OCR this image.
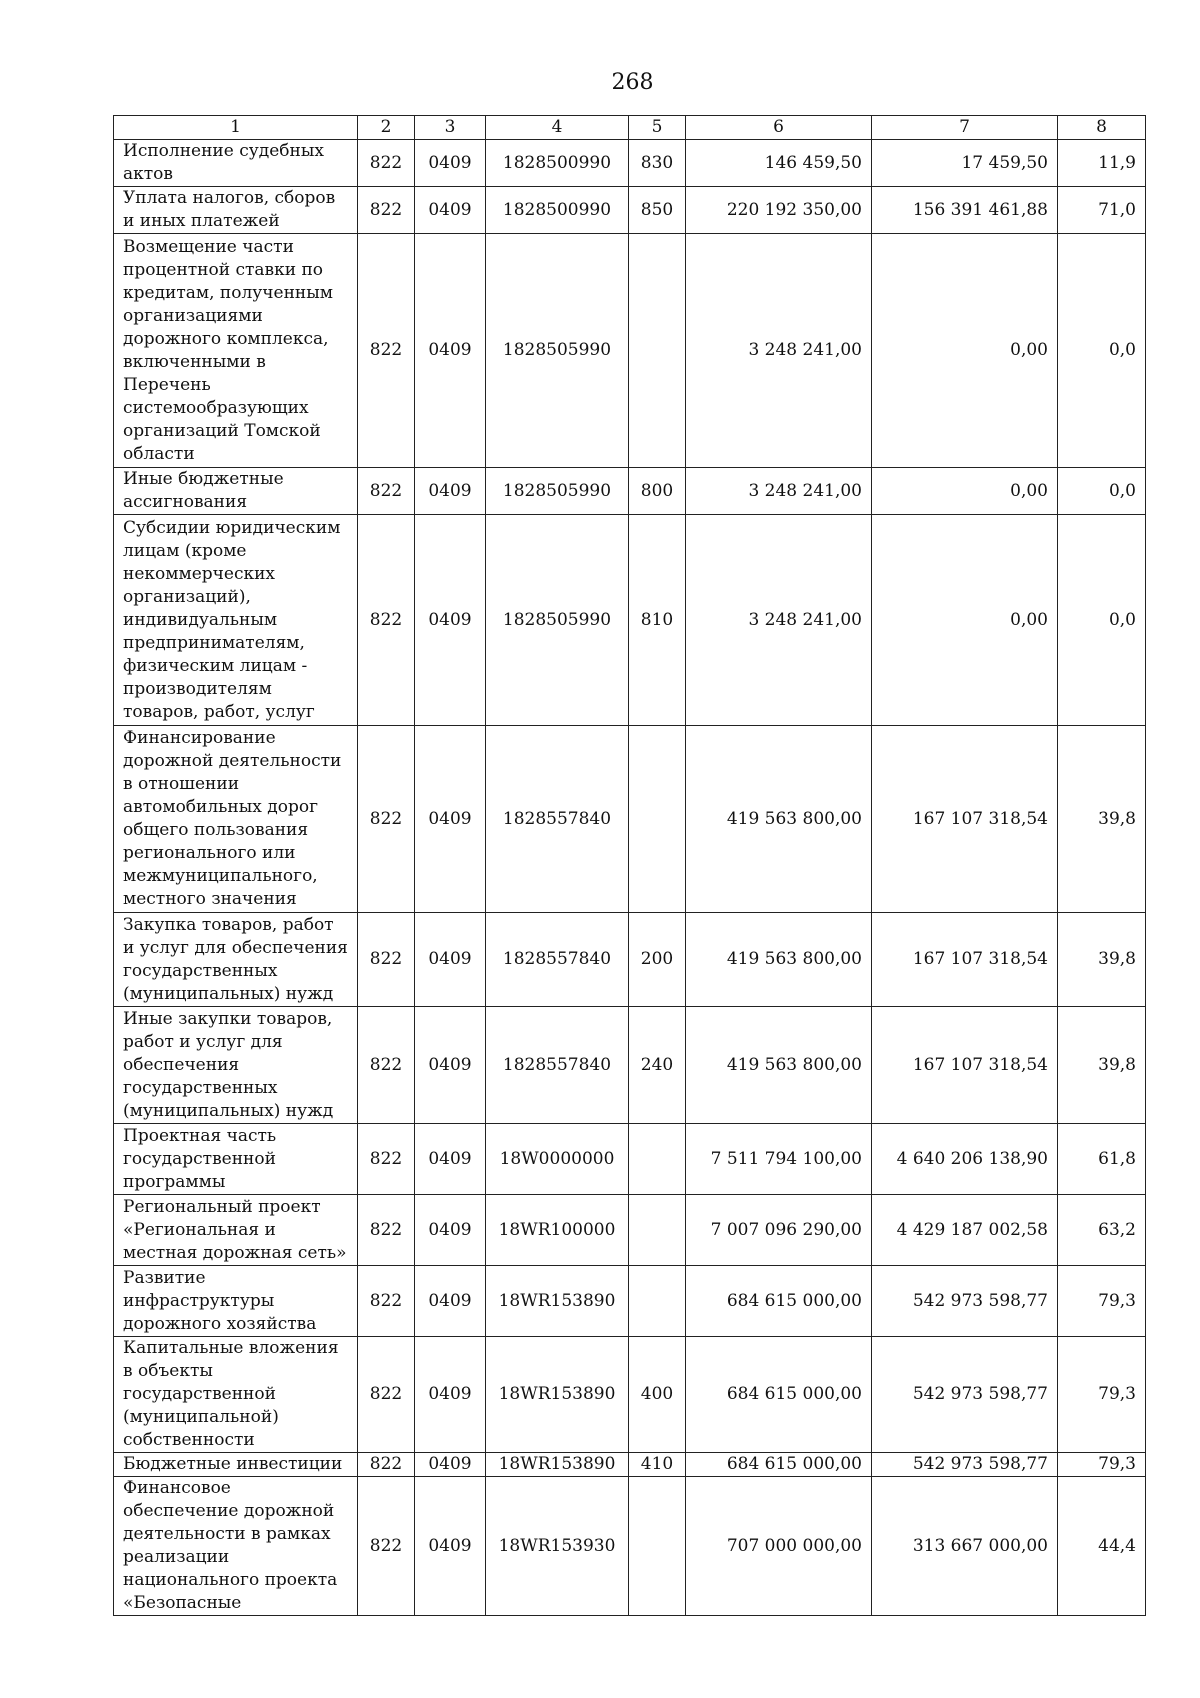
268
1	2	3	4	5	6	7	8
Исполнение судебных актов	822	0409	1828500990	830	146 459,50	17 459,50	11,9
Уплата налогов, сборов и иных платежей	822	0409	1828500990	850	220 192 350,00	156 391 461,88	71,0
Возмещение части процентной ставки по кредитам, полученным организациями дорожного комплекса, включенными в Перечень системообразующих организаций Томской области	822	0409	1828505990		3 248 241,00	0,00	0,0
Иные бюджетные ассигнования	822	0409	1828505990	800	3 248 241,00	0,00	0,0
Субсидии юридическим лицам (кроме некоммерческих организаций), индивидуальным предпринимателям, физическим лицам - производителям товаров, работ, услуг	822	0409	1828505990	810	3 248 241,00	0,00	0,0
Финансирование дорожной деятельности в отношении автомобильных дорог общего пользования регионального или межмуниципального, местного значения	822	0409	1828557840		419 563 800,00	167 107 318,54	39,8
Закупка товаров, работ и услуг для обеспечения государственных (муниципальных) нужд	822	0409	1828557840	200	419 563 800,00	167 107 318,54	39,8
Иные закупки товаров, работ и услуг для обеспечения государственных (муниципальных) нужд	822	0409	1828557840	240	419 563 800,00	167 107 318,54	39,8
Проектная часть государственной программы	822	0409	18W0000000		7 511 794 100,00	4 640 206 138,90	61,8
Региональный проект «Региональная и местная дорожная сеть»	822	0409	18WR100000		7 007 096 290,00	4 429 187 002,58	63,2
Развитие инфраструктуры дорожного хозяйства	822	0409	18WR153890		684 615 000,00	542 973 598,77	79,3
Капитальные вложения в объекты государственной (муниципальной) собственности	822	0409	18WR153890	400	684 615 000,00	542 973 598,77	79,3
Бюджетные инвестиции	822	0409	18WR153890	410	684 615 000,00	542 973 598,77	79,3
Финансовое обеспечение дорожной деятельности в рамках реализации национального проекта «Безопасные	822	0409	18WR153930		707 000 000,00	313 667 000,00	44,4
